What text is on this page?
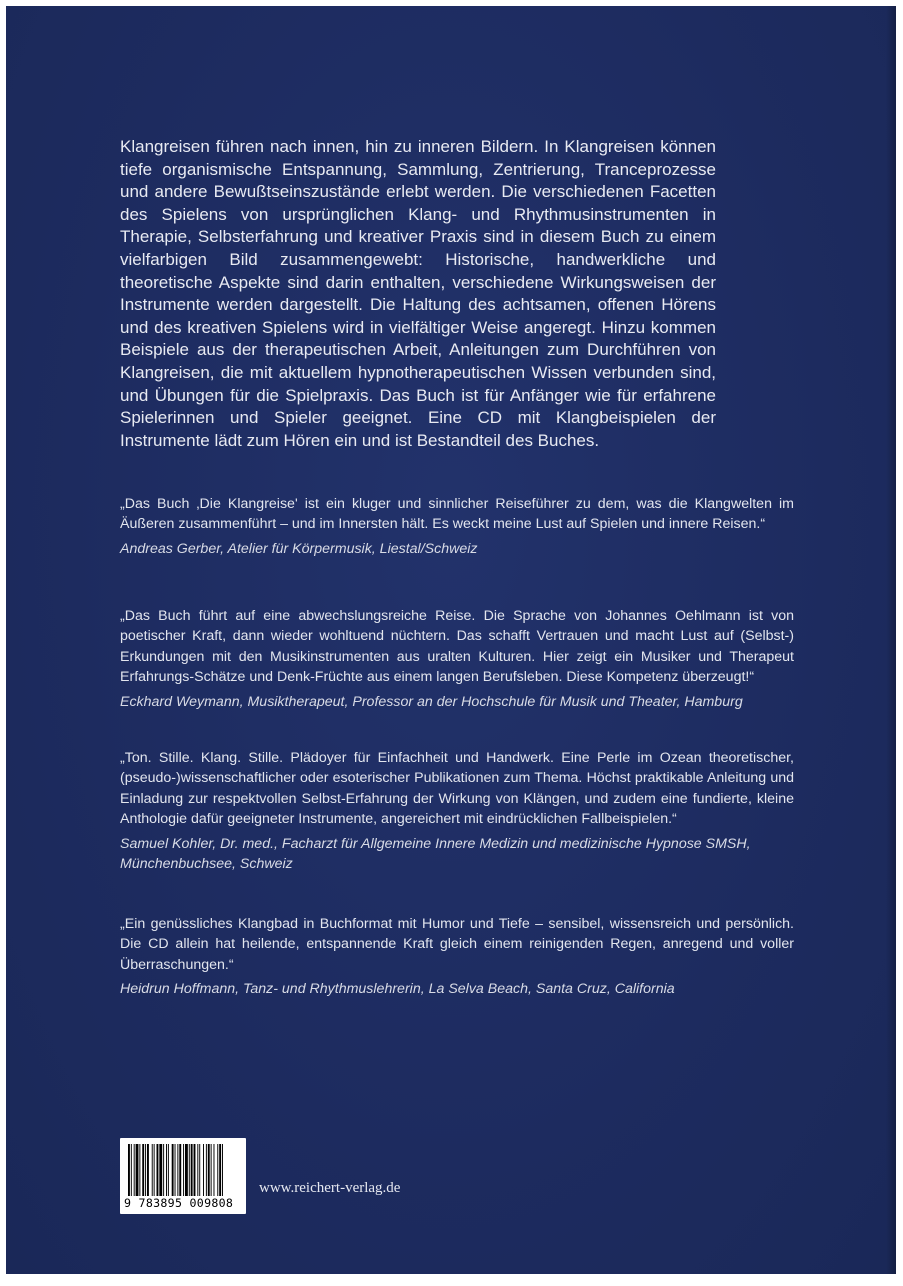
Klangreisen führen nach innen, hin zu inneren Bildern. In Klangreisen können tiefe organismische Entspannung, Sammlung, Zentrierung, Tranceprozesse und andere Bewußtseinszustände erlebt werden. Die verschiedenen Facetten des Spielens von ursprünglichen Klang- und Rhythmusinstrumenten in Therapie, Selbsterfahrung und kreativer Praxis sind in diesem Buch zu einem vielfarbigen Bild zusammengewebt: Historische, handwerkliche und theoretische Aspekte sind darin enthalten, verschiedene Wirkungsweisen der Instrumente werden dargestellt. Die Haltung des achtsamen, offenen Hörens und des kreativen Spielens wird in vielfältiger Weise angeregt. Hinzu kommen Beispiele aus der therapeutischen Arbeit, Anleitungen zum Durchführen von Klangreisen, die mit aktuellem hypnotherapeutischen Wissen verbunden sind, und Übungen für die Spielpraxis. Das Buch ist für Anfänger wie für erfahrene Spielerinnen und Spieler geeignet. Eine CD mit Klangbeispielen der Instrumente lädt zum Hören ein und ist Bestandteil des Buches.

„Das Buch ‚Die Klangreise' ist ein kluger und sinnlicher Reiseführer zu dem, was die Klangwelten im Äußeren zusammenführt – und im Innersten hält. Es weckt meine Lust auf Spielen und innere Reisen.“

Andreas Gerber, Atelier für Körpermusik, Liestal/Schweiz

„Das Buch führt auf eine abwechslungsreiche Reise. Die Sprache von Johannes Oehlmann ist von poetischer Kraft, dann wieder wohltuend nüchtern. Das schafft Vertrauen und macht Lust auf (Selbst-) Erkundungen mit den Musikinstrumenten aus uralten Kulturen. Hier zeigt ein Musiker und Therapeut Erfahrungs-Schätze und Denk-Früchte aus einem langen Berufsleben. Diese Kompetenz überzeugt!“

Eckhard Weymann, Musiktherapeut, Professor an der Hochschule für Musik und Theater, Hamburg

„Ton. Stille. Klang. Stille. Plädoyer für Einfachheit und Handwerk. Eine Perle im Ozean theoretischer, (pseudo-)wissenschaftlicher oder esoterischer Publikationen zum Thema. Höchst praktikable Anleitung und Einladung zur respektvollen Selbst-Erfahrung der Wirkung von Klängen, und zudem eine fundierte, kleine Anthologie dafür geeigneter Instrumente, angereichert mit eindrücklichen Fallbeispielen.“

Samuel Kohler, Dr. med., Facharzt für Allgemeine Innere Medizin und medizinische Hypnose SMSH, Münchenbuchsee, Schweiz

„Ein genüssliches Klangbad in Buchformat mit Humor und Tiefe – sensibel, wissensreich und persönlich. Die CD allein hat heilende, entspannende Kraft gleich einem reinigenden Regen, anregend und voller Überraschungen.“

Heidrun Hoffmann, Tanz- und Rhythmuslehrerin, La Selva Beach, Santa Cruz, California

9 783895 009808
www.reichert-verlag.de
